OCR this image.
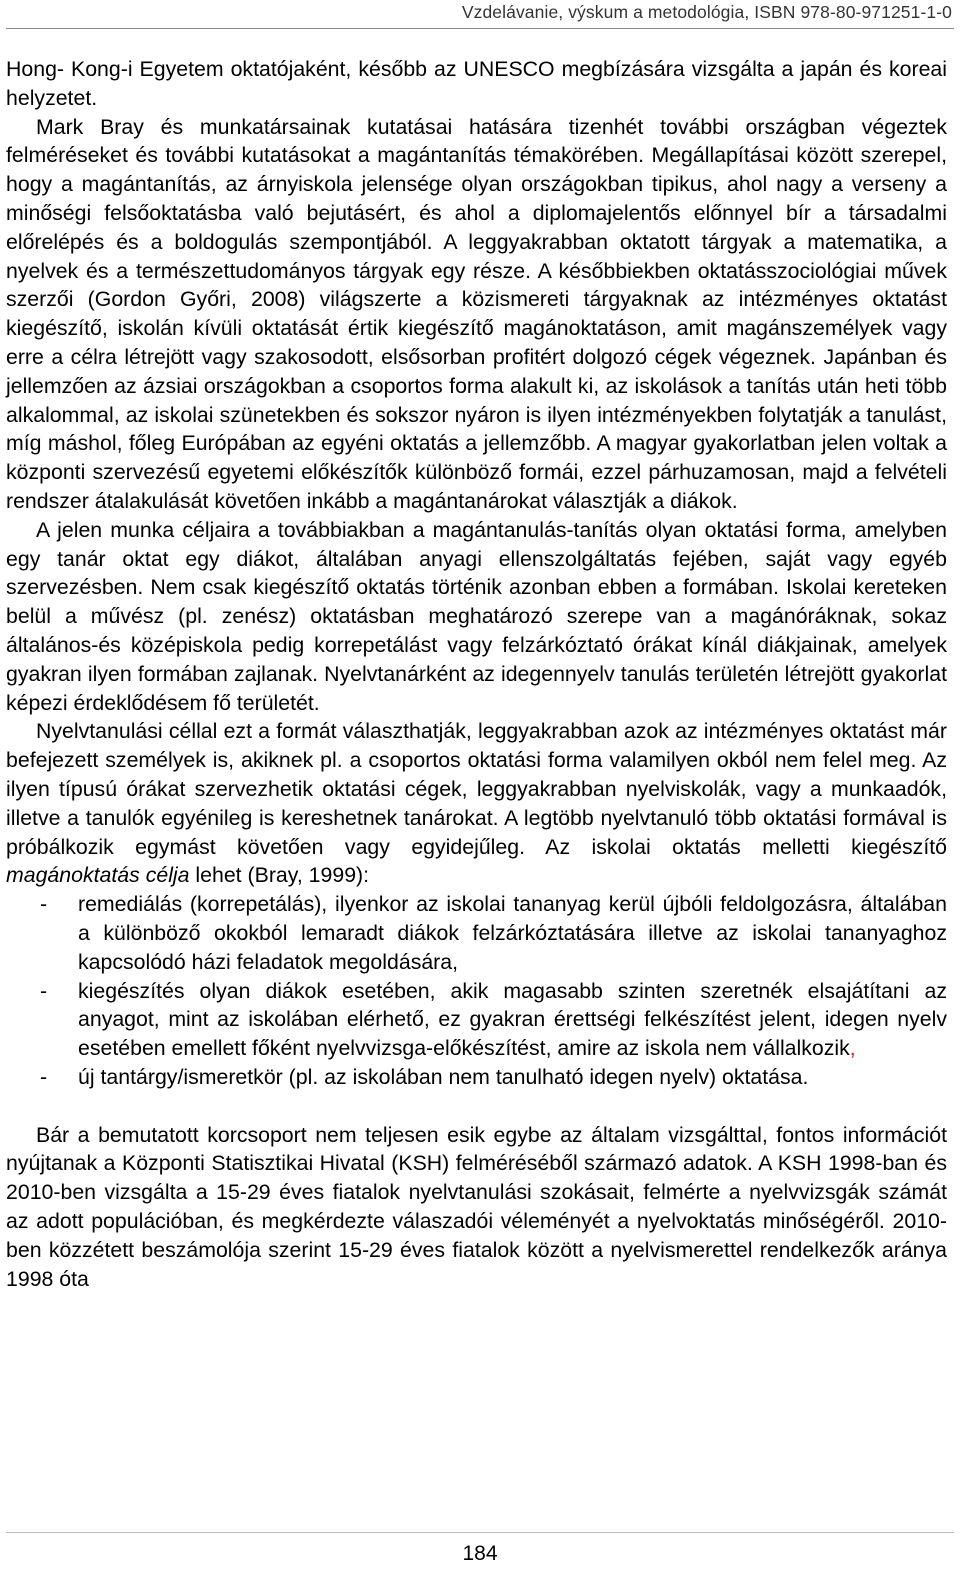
Vzdelávanie, výskum a metodológia, ISBN 978-80-971251-1-0

Hong- Kong-i Egyetem oktatójaként, később az UNESCO megbízására vizsgálta a japán és koreai helyzetet.

Mark Bray és munkatársainak kutatásai hatására tizenhét további országban végeztek felméréseket és további kutatásokat a magántanítás témakörében. Megállapításai között szerepel, hogy a magántanítás, az árnyiskola jelensége olyan országokban tipikus, ahol nagy a verseny a minőségi felsőoktatásba való bejutásért, és ahol a diplomajelentős előnnyel bír a társadalmi előrelépés és a boldogulás szempontjából. A leggyakrabban oktatott tárgyak a matematika, a nyelvek és a természettudományos tárgyak egy része. A későbbiekben oktatásszociológiai művek szerzői (Gordon Győri, 2008) világszerte a közismereti tárgyaknak az intézményes oktatást kiegészítő, iskolán kívüli oktatását értik kiegészítő magánoktatáson, amit magánszemélyek vagy erre a célra létrejött vagy szakosodott, elsősorban profitért dolgozó cégek végeznek. Japánban és jellemzően az ázsiai országokban a csoportos forma alakult ki, az iskolások a tanítás után heti több alkalommal, az iskolai szünetekben és sokszor nyáron is ilyen intézményekben folytatják a tanulást, míg máshol, főleg Európában az egyéni oktatás a jellemzőbb. A magyar gyakorlatban jelen voltak a központi szervezésű egyetemi előkészítők különböző formái, ezzel párhuzamosan, majd a felvételi rendszer átalakulását követően inkább a magántanárokat választják a diákok.

A jelen munka céljaira a továbbiakban a magántanulás-tanítás olyan oktatási forma, amelyben egy tanár oktat egy diákot, általában anyagi ellenszolgáltatás fejében, saját vagy egyéb szervezésben. Nem csak kiegészítő oktatás történik azonban ebben a formában. Iskolai kereteken belül a művész (pl. zenész) oktatásban meghatározó szerepe van a magánóráknak, sokaz általános-és középiskola pedig korrepetálást vagy felzárkóztató órákat kínál diákjainak, amelyek gyakran ilyen formában zajlanak. Nyelvtanárként az idegennyelv tanulás területén létrejött gyakorlat képezi érdeklődésem fő területét.

Nyelvtanulási céllal ezt a formát választhatják, leggyakrabban azok az intézményes oktatást már befejezett személyek is, akiknek pl. a csoportos oktatási forma valamilyen okból nem felel meg. Az ilyen típusú órákat szervezhetik oktatási cégek, leggyakrabban nyelviskolák, vagy a munkaadók, illetve a tanulók egyénileg is kereshetnek tanárokat. A legtöbb nyelvtanuló több oktatási formával is próbálkozik egymást követően vagy egyidejűleg. Az iskolai oktatás melletti kiegészítő magánoktatás célja lehet (Bray, 1999):

- remediálás (korrepetálás), ilyenkor az iskolai tananyag kerül újbóli feldolgozásra, általában a különböző okokból lemaradt diákok felzárkóztatására illetve az iskolai tananyaghoz kapcsolódó házi feladatok megoldására,
- kiegészítés olyan diákok esetében, akik magasabb szinten szeretnék elsajátítani az anyagot, mint az iskolában elérhető, ez gyakran érettségi felkészítést jelent, idegen nyelv esetében emellett főként nyelvvizsga-előkészítést, amire az iskola nem vállalkozik,
- új tantárgy/ismeretkör (pl. az iskolában nem tanulható idegen nyelv) oktatása.

Bár a bemutatott korcsoport nem teljesen esik egybe az általam vizsgálttal, fontos információt nyújtanak a Központi Statisztikai Hivatal (KSH) felméréséből származó adatok. A KSH 1998-ban és 2010-ben vizsgálta a 15-29 éves fiatalok nyelvtanulási szokásait, felmérte a nyelvvizsgák számát az adott populációban, és megkérdezte válaszadói véleményét a nyelvoktatás minőségéről. 2010-ben közzétett beszámolója szerint 15-29 éves fiatalok között a nyelvismerettel rendelkezők aránya 1998 óta

184
